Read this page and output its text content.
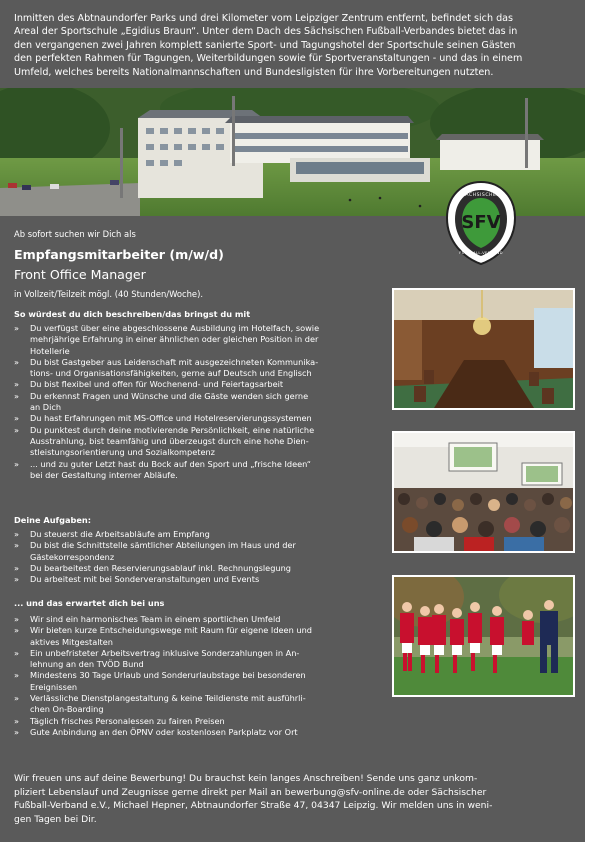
Inmitten des Abtnaundorfer Parks und drei Kilometer vom Leipziger Zentrum entfernt, befindet sich das
Areal der Sportschule „Egidius Braun“. Unter dem Dach des Sächsischen Fußball-Verbandes bietet das in
den vergangenen zwei Jahren komplett sanierte Sport- und Tagungshotel der Sportschule seinen Gästen
den perfekten Rahmen für Tagungen, Weiterbildungen sowie für Sportveranstaltungen - und das in einem
Umfeld, welches bereits Nationalmannschaften und Bundesligisten für ihre Vorbereitungen nutzten.

Ab sofort suchen wir Dich als
Empfangsmitarbeiter (m/w/d)
Front Office Manager
in Vollzeit/Teilzeit mögl. (40 Stunden/Woche).
So würdest du dich beschreiben/das bringst du mit
» Du verfügst über eine abgeschlossene Ausbildung im Hotelfach, sowie
mehrjährige Erfahrung in einer ähnlichen oder gleichen Position in der
Hotellerie
» Du bist Gastgeber aus Leidenschaft mit ausgezeichneten Kommunika-
tions- und Organisationsfähigkeiten, gerne auf Deutsch und Englisch
» Du bist flexibel und offen für Wochenend- und Feiertagsarbeit
» Du erkennst Fragen und Wünsche und die Gäste wenden sich gerne
an Dich
» Du hast Erfahrungen mit MS-Office und Hotelreservierungssystemen
» Du punktest durch deine motivierende Persönlichkeit, eine natürliche
Ausstrahlung, bist teamfähig und überzeugst durch eine hohe Dien-
stleistungsorientierung und Sozialkompetenz
» ... und zu guter Letzt hast du Bock auf den Sport und „frische Ideen“
bei der Gestaltung interner Abläufe.
Deine Aufgaben:
» Du steuerst die Arbeitsabläufe am Empfang
» Du bist die Schnittstelle sämtlicher Abteilungen im Haus und der
Gästekorrespondenz
» Du bearbeitest den Reservierungsablauf inkl. Rechnungslegung
» Du arbeitest mit bei Sonderveranstaltungen und Events
... und das erwartet dich bei uns
» Wir sind ein harmonisches Team in einem sportlichen Umfeld
» Wir bieten kurze Entscheidungswege mit Raum für eigene Ideen und
aktives Mitgestalten
» Ein unbefristeter Arbeitsvertrag inklusive Sonderzahlungen in An-
lehnung an den TVÖD Bund
» Mindestens 30 Tage Urlaub und Sonderurlaubstage bei besonderen
Ereignissen
» Verlässliche Dienstplangestaltung & keine Teildienste mit ausführli-
chen On-Boarding
» Täglich frisches Personalessen zu fairen Preisen
» Gute Anbindung an den ÖPNV oder kostenlosen Parkplatz vor Ort

Wir freuen uns auf deine Bewerbung! Du brauchst kein langes Anschreiben! Sende uns ganz unkom-
pliziert Lebenslauf und Zeugnisse gerne direkt per Mail an bewerbung@sfv-online.de oder Sächsischer
Fußball-Verband e.V., Michael Hepner, Abtnaundorfer Straße 47, 04347 Leipzig. Wir melden uns in weni-
gen Tagen bei Dir.

SFV
SÄCHSISCHER
FUSSBALL-VERBAND
